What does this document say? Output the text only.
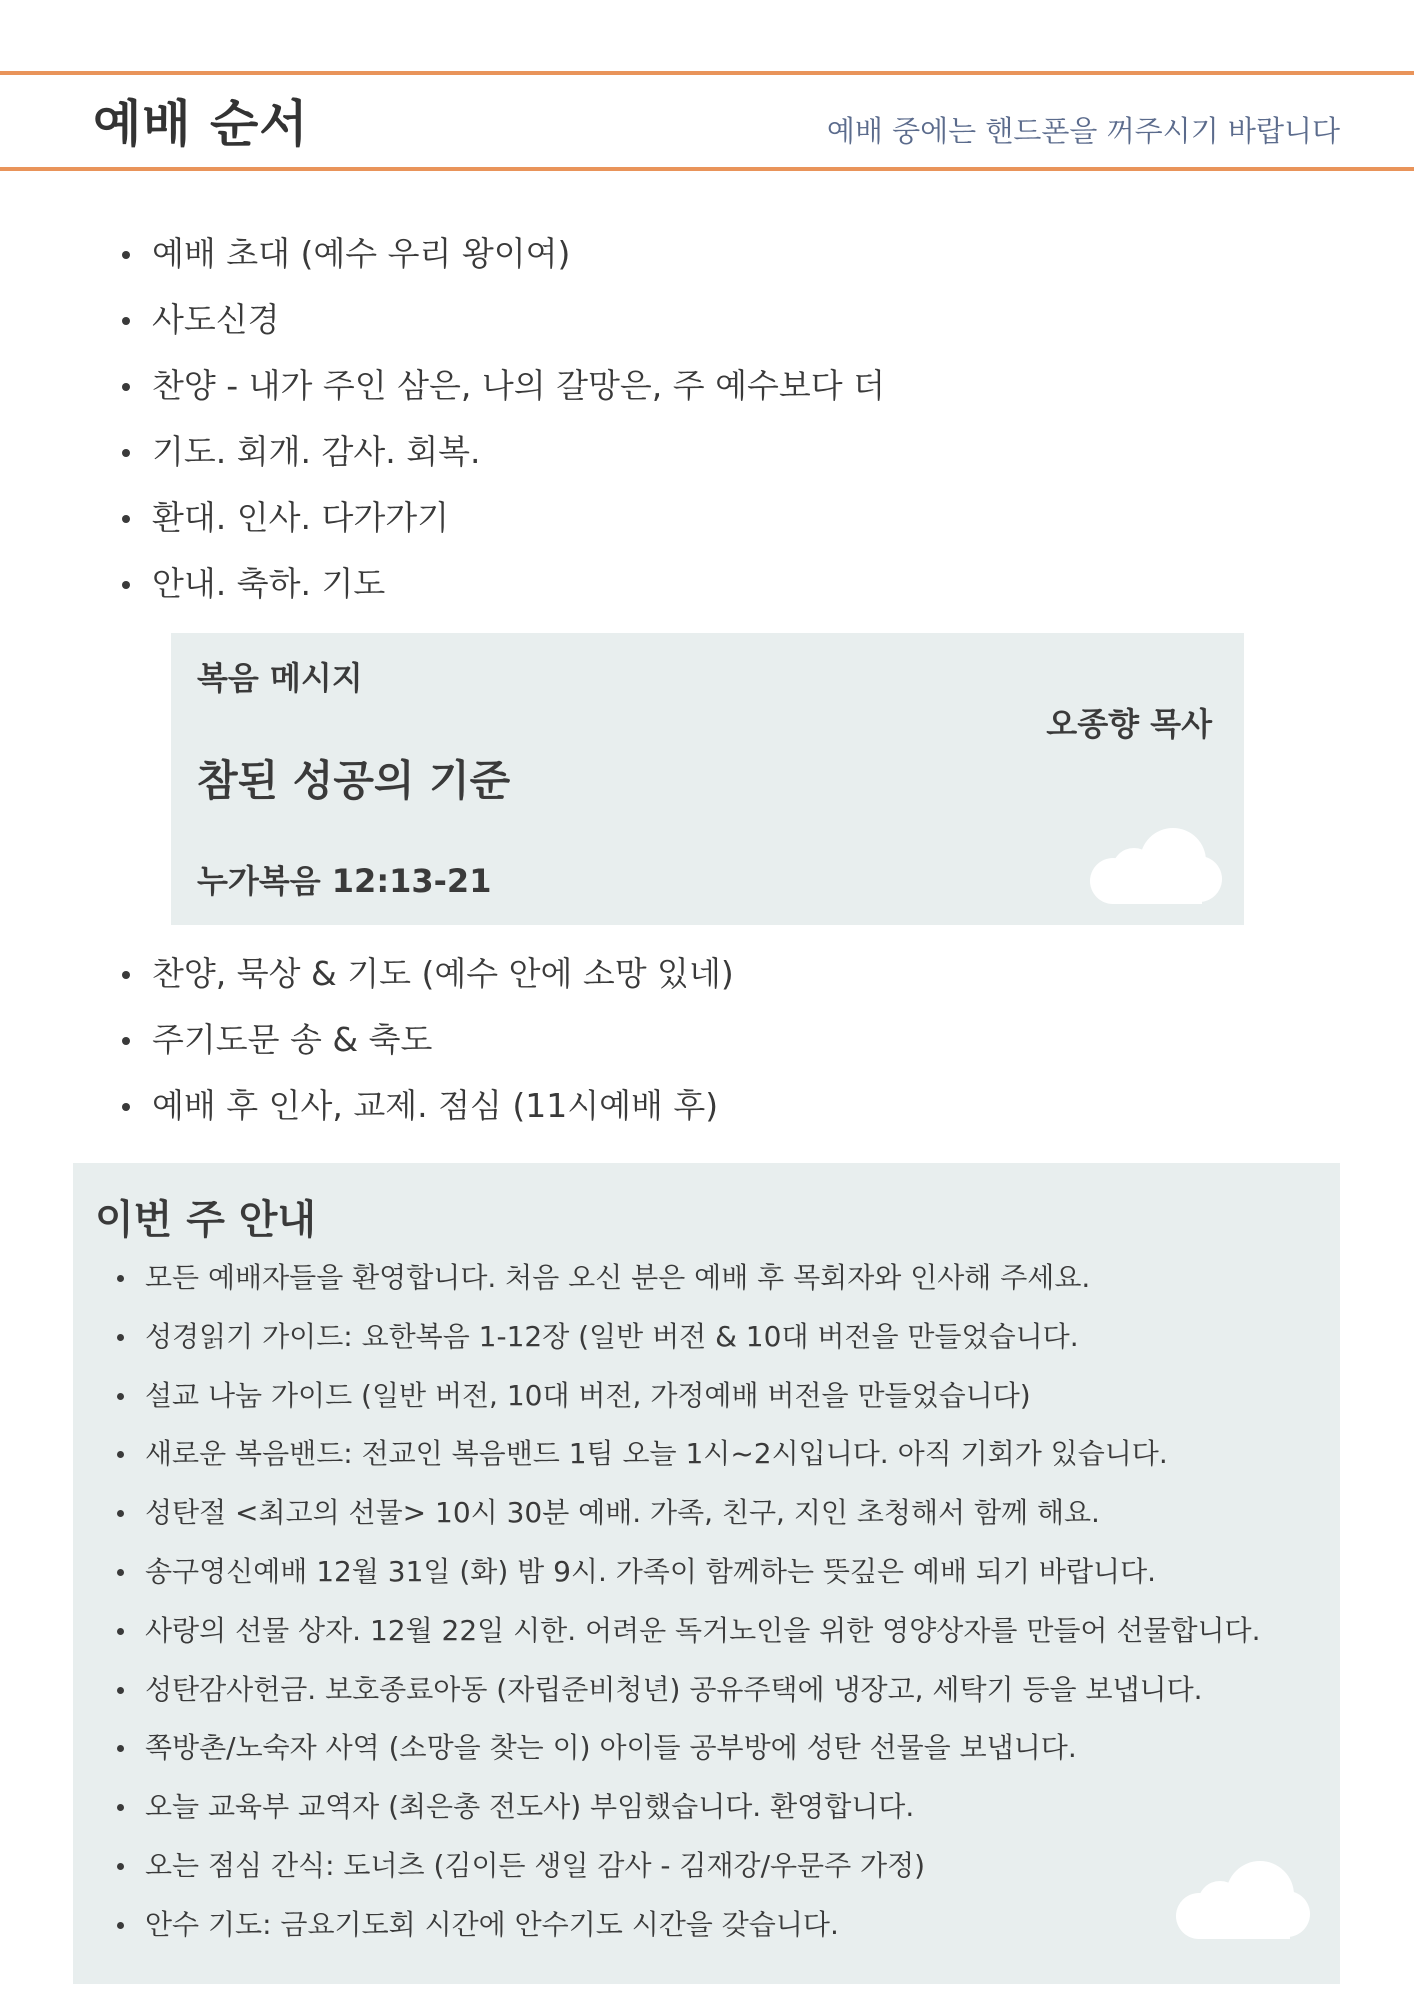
예배 순서	예배 중에는 핸드폰을 꺼주시기 바랍니다
예배 초대 (예수 우리 왕이여)
사도신경
찬양 - 내가 주인 삼은, 나의 갈망은, 주 예수보다 더
기도. 회개. 감사. 회복.
환대. 인사. 다가가기
안내. 축하. 기도
복음 메시지
오종향 목사
참된 성공의 기준
누가복음 12:13-21
찬양, 묵상 & 기도 (예수 안에 소망 있네)
주기도문 송 & 축도
예배 후 인사, 교제. 점심 (11시예배 후)
이번 주 안내
모든 예배자들을 환영합니다. 처음 오신 분은 예배 후 목회자와 인사해 주세요.
성경읽기 가이드: 요한복음 1-12장 (일반 버전 & 10대 버전을 만들었습니다.
설교 나눔 가이드 (일반 버전, 10대 버전, 가정예배 버전을 만들었습니다)
새로운 복음밴드: 전교인 복음밴드 1팀 오늘 1시~2시입니다. 아직 기회가 있습니다.
성탄절 <최고의 선물> 10시 30분 예배. 가족, 친구, 지인 초청해서 함께 해요.
송구영신예배 12월 31일 (화) 밤 9시. 가족이 함께하는 뜻깊은 예배 되기 바랍니다.
사랑의 선물 상자. 12월 22일 시한. 어려운 독거노인을 위한 영양상자를 만들어 선물합니다.
성탄감사헌금. 보호종료아동 (자립준비청년) 공유주택에 냉장고, 세탁기 등을 보냅니다.
쪽방촌/노숙자 사역 (소망을 찾는 이) 아이들 공부방에 성탄 선물을 보냅니다.
오늘 교육부 교역자 (최은총 전도사) 부임했습니다. 환영합니다.
오는 점심 간식: 도너츠 (김이든 생일 감사 - 김재강/우문주 가정)
안수 기도: 금요기도회 시간에 안수기도 시간을 갖습니다.
